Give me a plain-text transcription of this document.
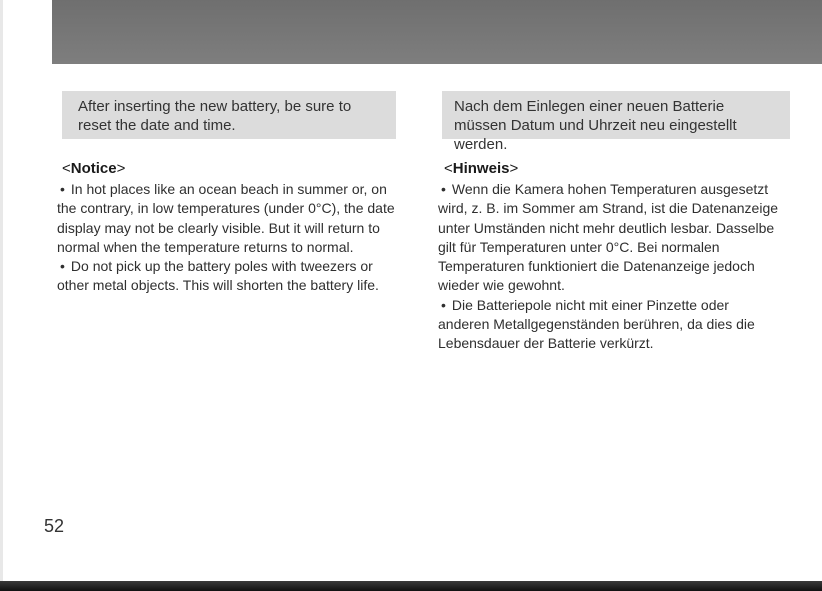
After inserting the new battery, be sure to reset the date and time.
Nach dem Einlegen einer neuen Batterie müssen Datum und Uhrzeit neu eingestellt werden.
<Notice>	<Hinweis>

• In hot places like an ocean beach in summer or, on the contrary, in low temperatures (under 0°C), the date display may not be clearly visible. But it will return to normal when the temperature returns to normal.

• Do not pick up the battery poles with tweezers or other metal objects. This will shorten the battery life.

• Wenn die Kamera hohen Temperaturen ausgesetzt wird, z. B. im Sommer am Strand, ist die Datenanzeige unter Umständen nicht mehr deutlich lesbar. Dasselbe gilt für Temperaturen unter 0°C. Bei normalen Temperaturen funktioniert die Datenanzeige jedoch wieder wie gewohnt.

• Die Batteriepole nicht mit einer Pinzette oder anderen Metallgegenständen berühren, da dies die Lebensdauer der Batterie verkürzt.

52
